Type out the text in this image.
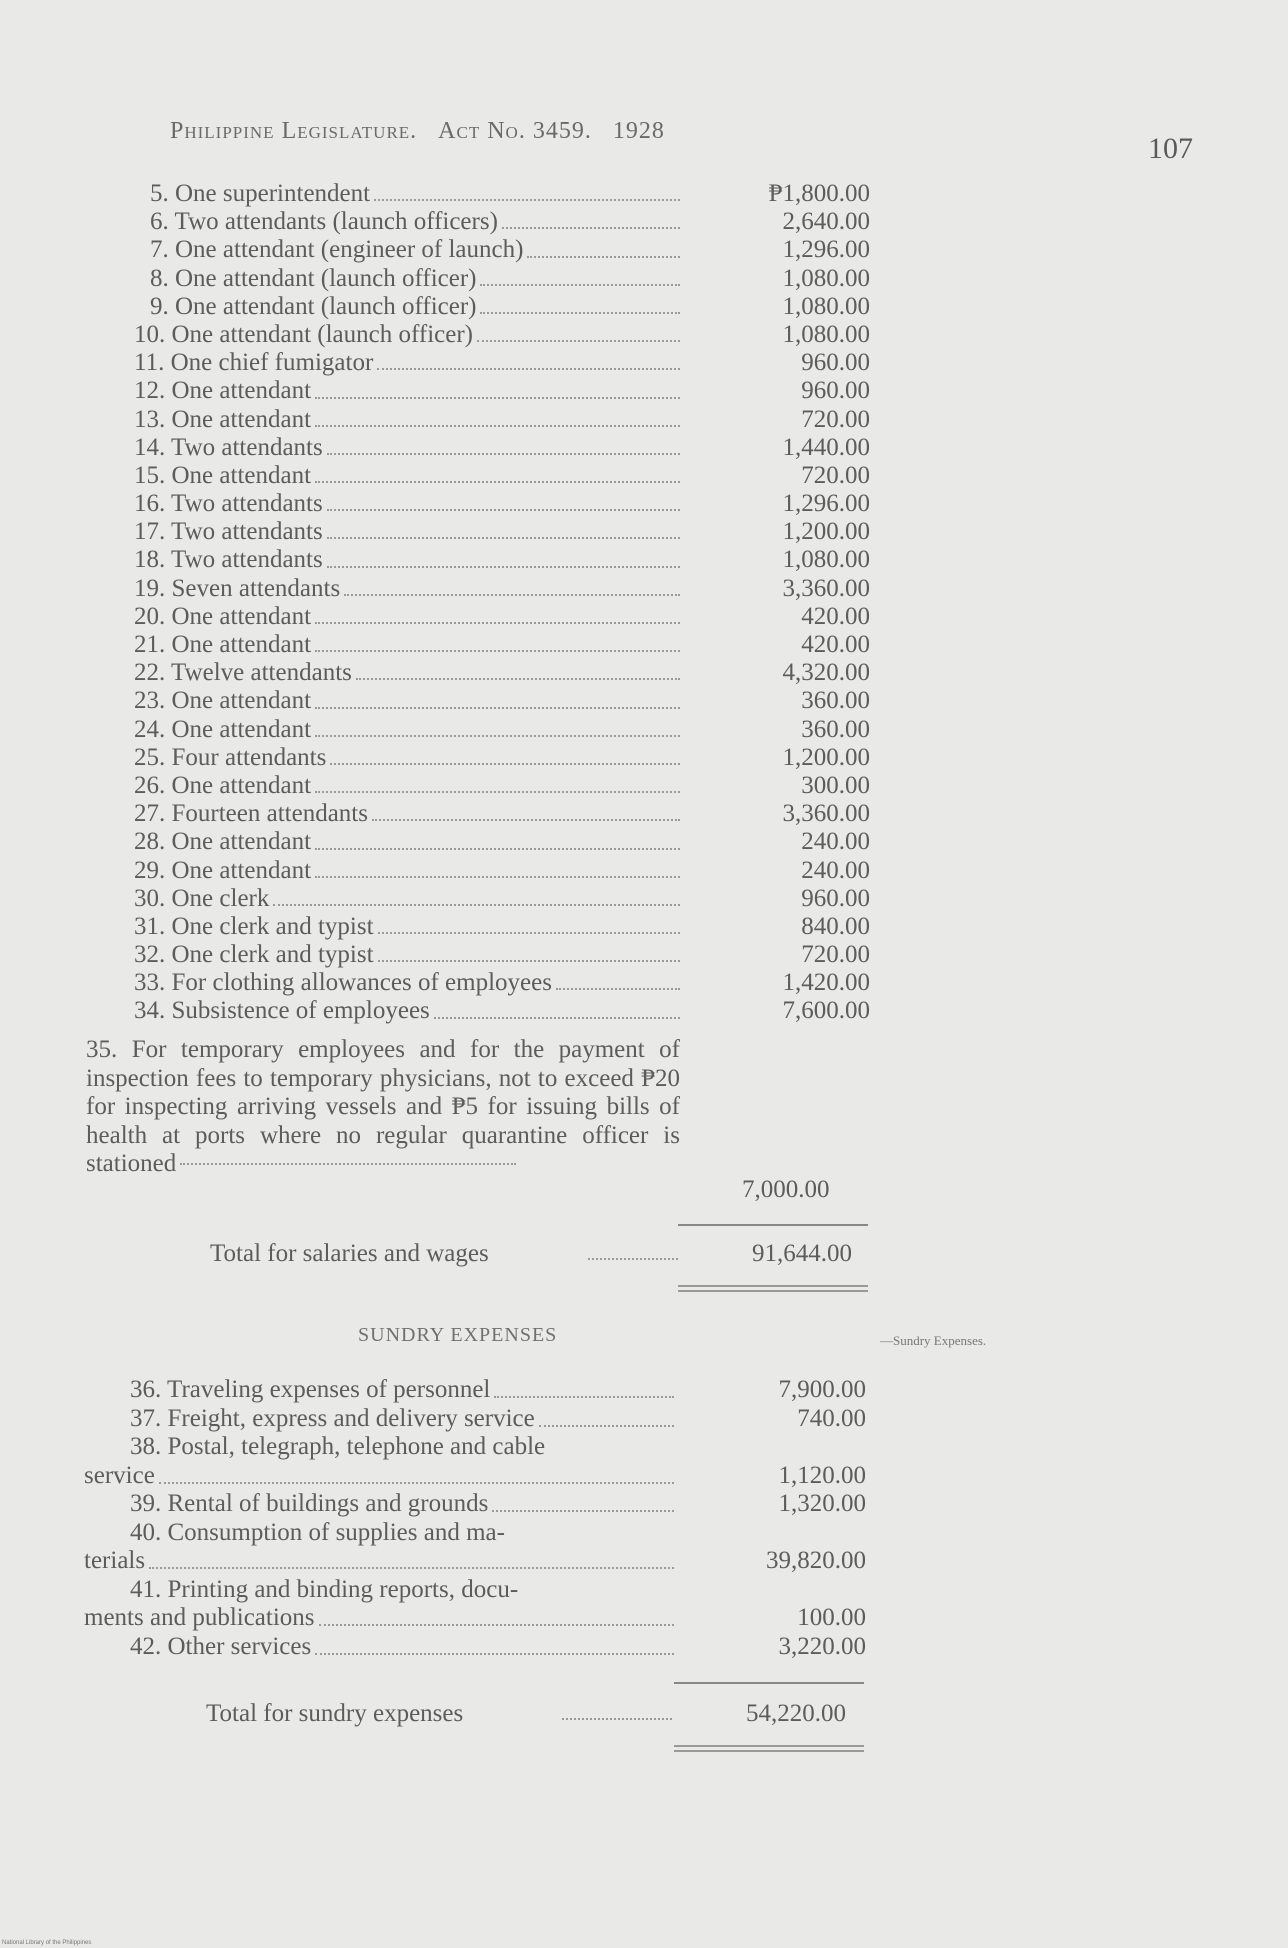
Philippine Legislature. Act No. 3459. 1928
107
5. One superintendent	₱1,800.00
6. Two attendants (launch officers)	2,640.00
7. One attendant (engineer of launch)	1,296.00
8. One attendant (launch officer)	1,080.00
9. One attendant (launch officer)	1,080.00
10. One attendant (launch officer)	1,080.00
11. One chief fumigator	960.00
12. One attendant	960.00
13. One attendant	720.00
14. Two attendants	1,440.00
15. One attendant	720.00
16. Two attendants	1,296.00
17. Two attendants	1,200.00
18. Two attendants	1,080.00
19. Seven attendants	3,360.00
20. One attendant	420.00
21. One attendant	420.00
22. Twelve attendants	4,320.00
23. One attendant	360.00
24. One attendant	360.00
25. Four attendants	1,200.00
26. One attendant	300.00
27. Fourteen attendants	3,360.00
28. One attendant	240.00
29. One attendant	240.00
30. One clerk	960.00
31. One clerk and typist	840.00
32. One clerk and typist	720.00
33. For clothing allowances of employees	1,420.00
34. Subsistence of employees	7,600.00
35. For temporary employees and for the payment of inspection fees to temporary physicians, not to exceed ₱20 for inspecting arriving vessels and ₱5 for issuing bills of health at ports where no regular quarantine officer is stationed
7,000.00
Total for salaries and wages	91,644.00
SUNDRY EXPENSES	—Sundry Expenses.
36. Traveling expenses of personnel	7,900.00
37. Freight, express and delivery service	740.00
38. Postal, telegraph, telephone and cable
service	1,120.00
39. Rental of buildings and grounds	1,320.00
40. Consumption of supplies and ma-
terials	39,820.00
41. Printing and binding reports, docu-
ments and publications	100.00
42. Other services	3,220.00
Total for sundry expenses	54,220.00
National Library of the Philippines
